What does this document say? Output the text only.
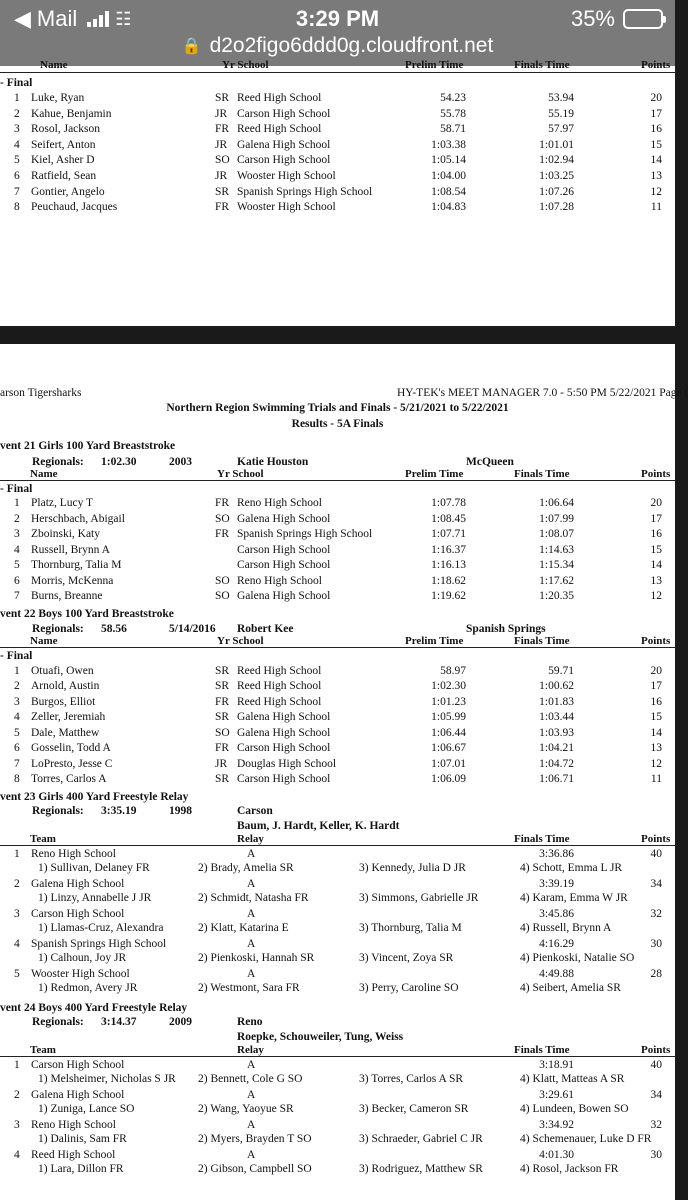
◀ Mail ☷	3:29 PM	35%
🔒 d2o2figo6ddd0g.cloudfront.net
Name	Yr School	Prelim Time	Finals Time	Points
- Final
1 Luke, Ryan	SR Reed High School	54.23	53.94	20
2 Kahue, Benjamin	JR Carson High School	55.78	55.19	17
3 Rosol, Jackson	FR Reed High School	58.71	57.97	16
4 Seifert, Anton	JR Galena High School	1:03.38	1:01.01	15
5 Kiel, Asher D	SO Carson High School	1:05.14	1:02.94	14
6 Ratfield, Sean	JR Wooster High School	1:04.00	1:03.25	13
7 Gontier, Angelo	SR Spanish Springs High School	1:08.54	1:07.26	12
8 Peuchaud, Jacques	FR Wooster High School	1:04.83	1:07.28	11
arson Tigersharks	HY-TEK's MEET MANAGER 7.0 - 5:50 PM 5/22/2021 Page (
Northern Region Swimming Trials and Finals - 5/21/2021 to 5/22/2021
Results - 5A Finals
vent 21 Girls 100 Yard Breaststroke
Regionals: 1:02.30	2003	Katie Houston	McQueen
Name	Yr School	Prelim Time	Finals Time	Points
- Final
1 Platz, Lucy T	FR Reno High School	1:07.78	1:06.64	20
2 Herschbach, Abigail	SO Galena High School	1:08.45	1:07.99	17
3 Zboinski, Katy	FR Spanish Springs High School	1:07.71	1:08.07	16
4 Russell, Brynn A	Carson High School	1:16.37	1:14.63	15
5 Thornburg, Talia M	Carson High School	1:16.13	1:15.34	14
6 Morris, McKenna	SO Reno High School	1:18.62	1:17.62	13
7 Burns, Breanne	SO Galena High School	1:19.62	1:20.35	12
vent 22 Boys 100 Yard Breaststroke
Regionals: 58.56	5/14/2016 Robert Kee	Spanish Springs
Name	Yr School	Prelim Time	Finals Time	Points
- Final
1 Otuafi, Owen	SR Reed High School	58.97	59.71	20
2 Arnold, Austin	SR Reed High School	1:02.30	1:00.62	17
3 Burgos, Elliot	FR Reed High School	1:01.23	1:01.83	16
4 Zeller, Jeremiah	SR Galena High School	1:05.99	1:03.44	15
5 Dale, Matthew	SO Galena High School	1:06.44	1:03.93	14
6 Gosselin, Todd A	FR Carson High School	1:06.67	1:04.21	13
7 LoPresto, Jesse C	JR Douglas High School	1:07.01	1:04.72	12
8 Torres, Carlos A	SR Carson High School	1:06.09	1:06.71	11
vent 23 Girls 400 Yard Freestyle Relay
Regionals: 3:35.19	1998	Carson
Baum, J. Hardt, Keller, K. Hardt
Team	Relay	Finals Time	Points
1 Reno High School	A	3:36.86	40
1) Sullivan, Delaney FR	2) Brady, Amelia SR	3) Kennedy, Julia D JR	4) Schott, Emma L JR
2 Galena High School	A	3:39.19	34
1) Linzy, Annabelle J JR	2) Schmidt, Natasha FR	3) Simmons, Gabrielle JR	4) Karam, Emma W JR
3 Carson High School	A	3:45.86	32
1) Llamas-Cruz, Alexandra	2) Klatt, Katarina E	3) Thornburg, Talia M	4) Russell, Brynn A
4 Spanish Springs High School	A	4:16.29	30
1) Calhoun, Joy JR	2) Pienkoski, Hannah SR	3) Vincent, Zoya SR	4) Pienkoski, Natalie SO
5 Wooster High School	A	4:49.88	28
1) Redmon, Avery JR	2) Westmont, Sara FR	3) Perry, Caroline SO	4) Seibert, Amelia SR
vent 24 Boys 400 Yard Freestyle Relay
Regionals: 3:14.37	2009	Reno
Roepke, Schouweiler, Tung, Weiss
Team	Relay	Finals Time	Points
1 Carson High School	A	3:18.91	40
1) Melsheimer, Nicholas S JR 2) Bennett, Cole G SO	3) Torres, Carlos A SR	4) Klatt, Matteas A SR
2 Galena High School	A	3:29.61	34
1) Zuniga, Lance SO	2) Wang, Yaoyue SR	3) Becker, Cameron SR	4) Lundeen, Bowen SO
3 Reno High School	A	3:34.92	32
1) Dalinis, Sam FR	2) Myers, Brayden T SO	3) Schraeder, Gabriel C JR	4) Schemenauer, Luke D FR
4 Reed High School	A	4:01.30	30
1) Lara, Dillon FR	2) Gibson, Campbell SO	3) Rodriguez, Matthew SR	4) Rosol, Jackson FR
